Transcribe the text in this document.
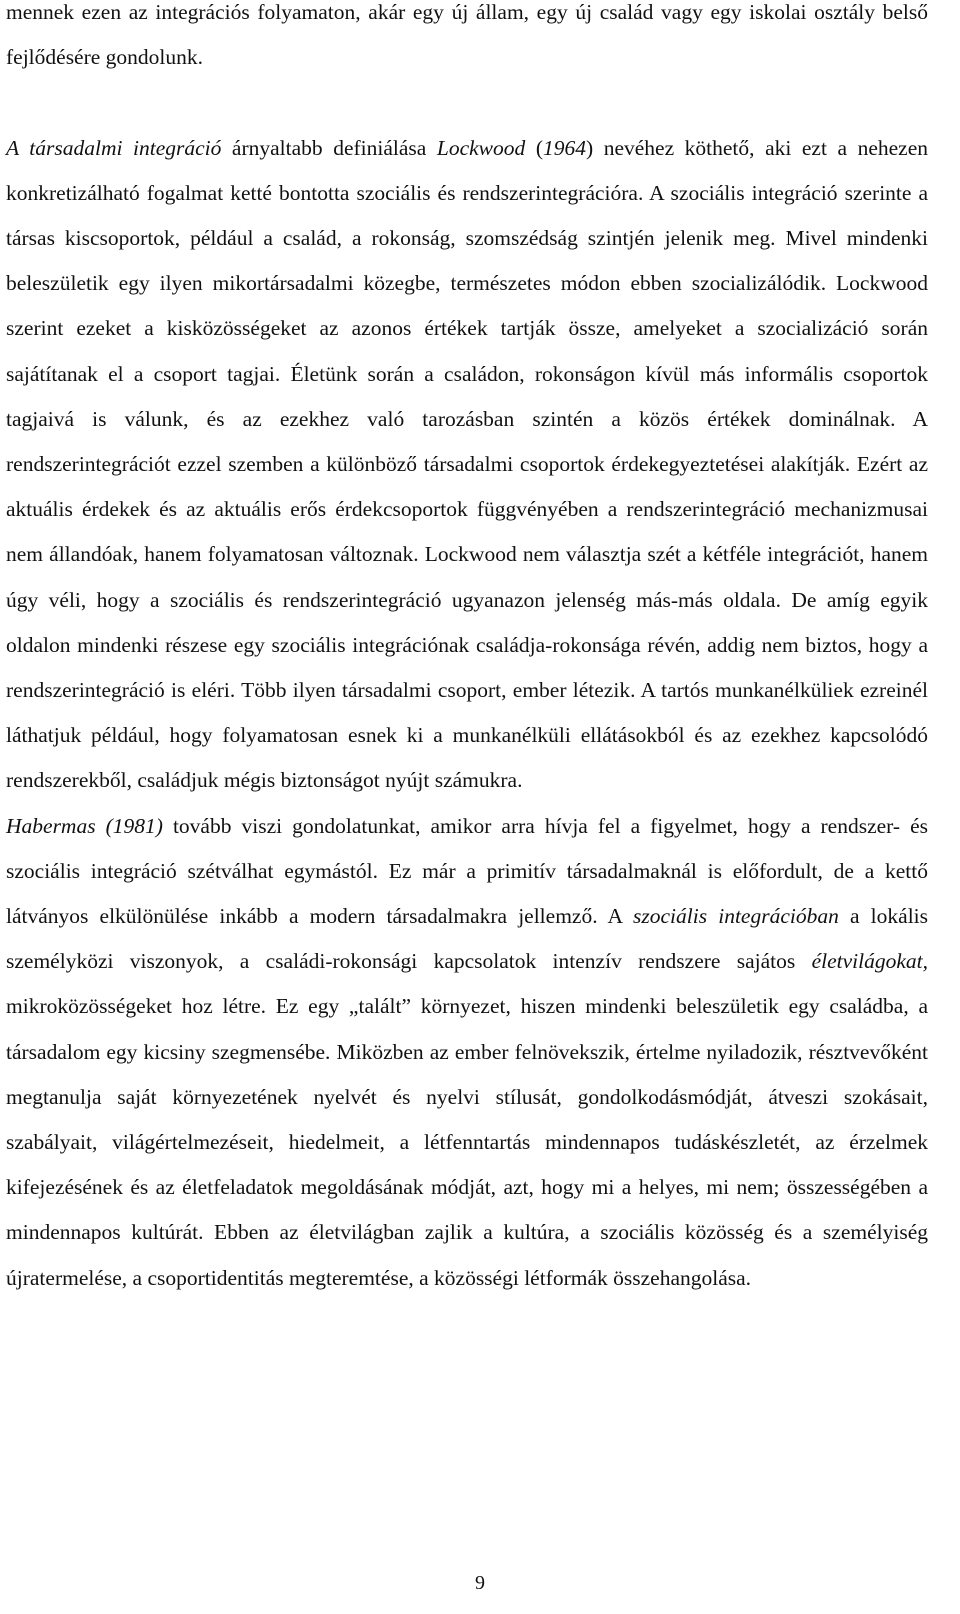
mennek ezen az integrációs folyamaton, akár egy új állam, egy új család vagy egy iskolai osztály belső fejlődésére gondolunk.

A társadalmi integráció árnyaltabb definiálása Lockwood (1964) nevéhez köthető, aki ezt a nehezen konkretizálható fogalmat ketté bontotta szociális és rendszerintegrációra. A szociális integráció szerinte a társas kiscsoportok, például a család, a rokonság, szomszédság szintjén jelenik meg. Mivel mindenki beleszületik egy ilyen mikortársadalmi közegbe, természetes módon ebben szocializálódik. Lockwood szerint ezeket a kisközösségeket az azonos értékek tartják össze, amelyeket a szocializáció során sajátítanak el a csoport tagjai. Életünk során a családon, rokonságon kívül más informális csoportok tagjaivá is válunk, és az ezekhez való tarozásban szintén a közös értékek dominálnak. A rendszerintegrációt ezzel szemben a különböző társadalmi csoportok érdekegyeztetései alakítják. Ezért az aktuális érdekek és az aktuális erős érdekcsoportok függvényében a rendszerintegráció mechanizmusai nem állandóak, hanem folyamatosan változnak. Lockwood nem választja szét a kétféle integrációt, hanem úgy véli, hogy a szociális és rendszerintegráció ugyanazon jelenség más-más oldala. De amíg egyik oldalon mindenki részese egy szociális integrációnak családja-rokonsága révén, addig nem biztos, hogy a rendszerintegráció is eléri. Több ilyen társadalmi csoport, ember létezik. A tartós munkanélküliek ezreinél láthatjuk például, hogy folyamatosan esnek ki a munkanélküli ellátásokból és az ezekhez kapcsolódó rendszerekből, családjuk mégis biztonságot nyújt számukra.

Habermas (1981) tovább viszi gondolatunkat, amikor arra hívja fel a figyelmet, hogy a rendszer- és szociális integráció szétválhat egymástól. Ez már a primitív társadalmaknál is előfordult, de a kettő látványos elkülönülése inkább a modern társadalmakra jellemző. A szociális integrációban a lokális személyközi viszonyok, a családi-rokonsági kapcsolatok intenzív rendszere sajátos életvilágokat, mikroközösségeket hoz létre. Ez egy „talált” környezet, hiszen mindenki beleszületik egy családba, a társadalom egy kicsiny szegmensébe. Miközben az ember felnövekszik, értelme nyiladozik, résztvevőként megtanulja saját környezetének nyelvét és nyelvi stílusát, gondolkodásmódját, átveszi szokásait, szabályait, világértelmezéseit, hiedelmeit, a létfenntartás mindennapos tudáskészletét, az érzelmek kifejezésének és az életfeladatok megoldásának módját, azt, hogy mi a helyes, mi nem; összességében a mindennapos kultúrát. Ebben az életvilágban zajlik a kultúra, a szociális közösség és a személyiség újratermelése, a csoportidentitás megteremtése, a közösségi létformák összehangolása.

9
